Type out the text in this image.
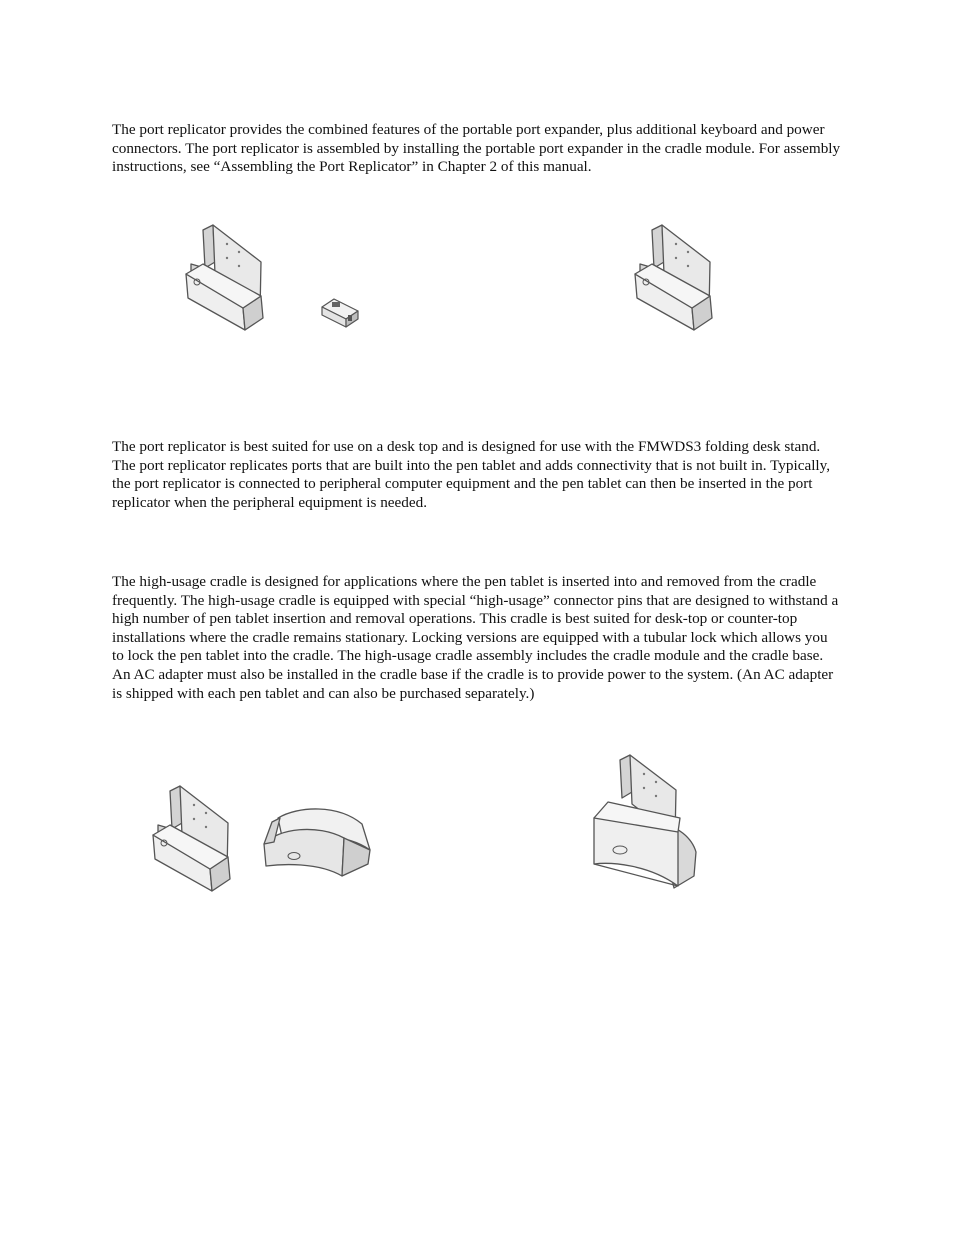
The port replicator provides the combined features of the portable port expander, plus additional keyboard and power connectors. The port replicator is assembled by installing the portable port expander in the cradle module. For assembly instructions, see “Assembling the Port Replicator” in Chapter 2 of this manual.

The port replicator is best suited for use on a desk top and is designed for use with the FMWDS3 folding desk stand. The port replicator replicates ports that are built into the pen tablet and adds connectivity that is not built in. Typically, the port replicator is connected to peripheral computer equipment and the pen tablet can then be inserted in the port replicator when the peripheral equipment is needed.

The high-usage cradle is designed for applications where the pen tablet is inserted into and removed from the cradle frequently. The high-usage cradle is equipped with special “high-usage” connector pins that are designed to withstand a high number of pen tablet insertion and removal operations. This cradle is best suited for desk-top or counter-top installations where the cradle remains stationary. Locking versions are equipped with a tubular lock which allows you to lock the pen tablet into the cradle. The high-usage cradle assembly includes the cradle module and the cradle base. An AC adapter must also be installed in the cradle base if the cradle is to provide power to the system. (An AC adapter is shipped with each pen tablet and can also be purchased separately.)
